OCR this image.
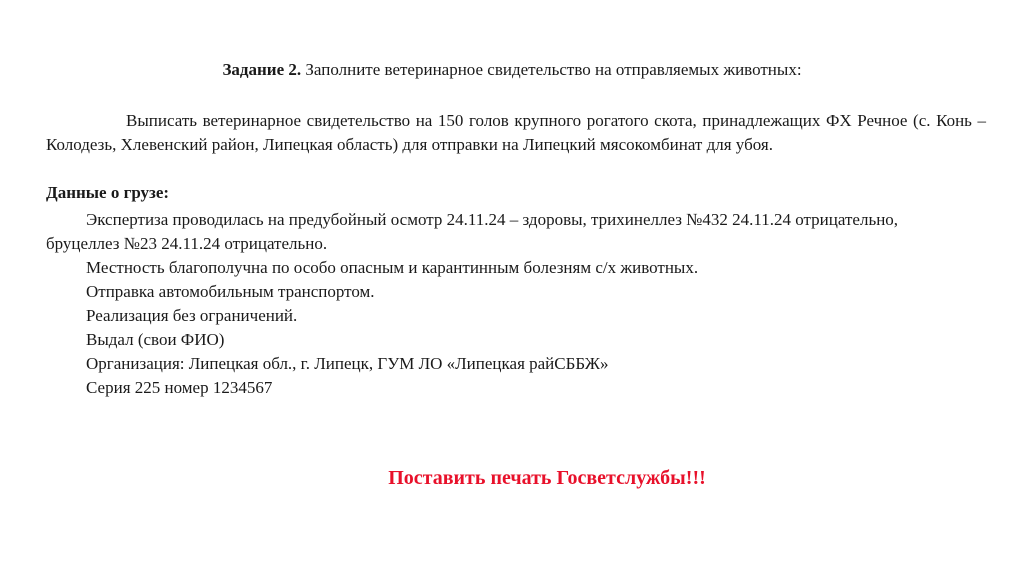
Задание 2. Заполните ветеринарное свидетельство на отправляемых животных:
Выписать ветеринарное свидетельство на 150 голов крупного рогатого скота, принадлежащих ФХ Речное (с. Конь – Колодезь, Хлевенский район, Липецкая область) для отправки на Липецкий мясокомбинат для убоя.
Данные о грузе:
Экспертиза проводилась на предубойный осмотр 24.11.24 – здоровы, трихинеллез №432 24.11.24 отрицательно,
бруцеллез №23 24.11.24 отрицательно.
Местность благополучна по особо опасным и карантинным болезням с/х животных.
Отправка автомобильным транспортом.
Реализация без ограничений.
Выдал (свои ФИО)
Организация: Липецкая обл., г. Липецк, ГУМ ЛО «Липецкая райСББЖ»
Серия 225 номер 1234567
Поставить печать Госветслужбы!!!
